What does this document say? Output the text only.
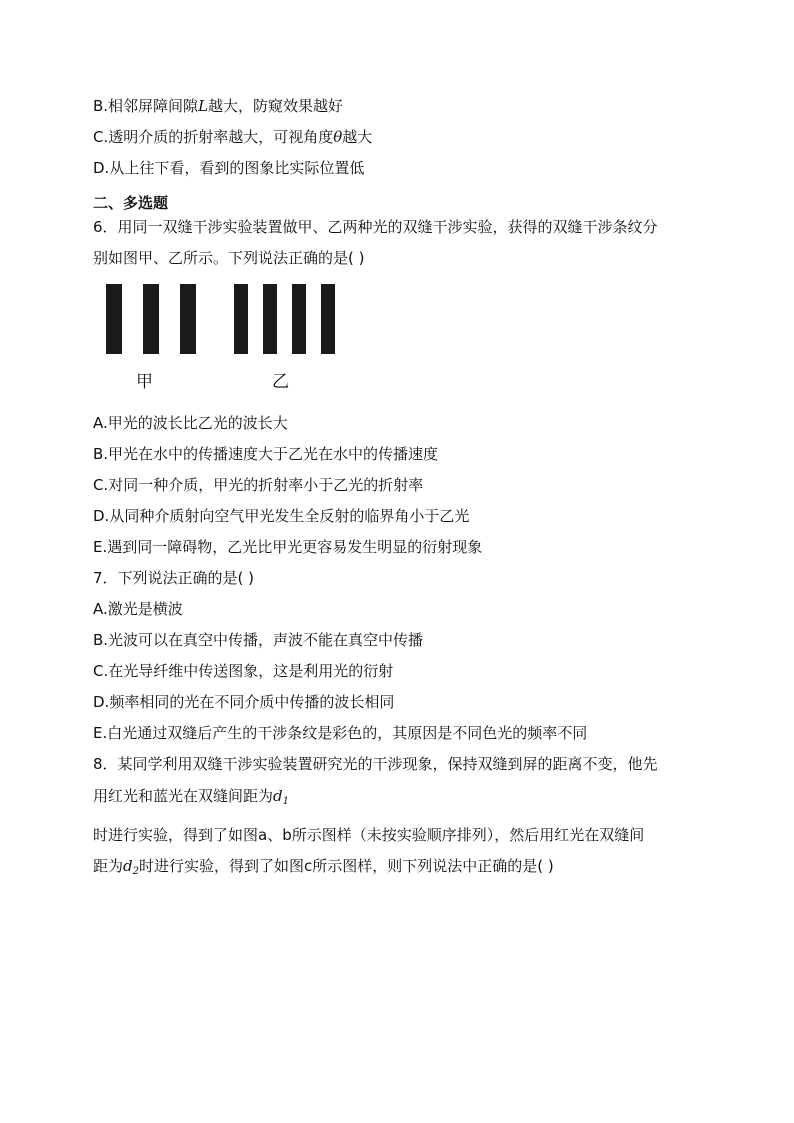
B.相邻屏障间隙L越大，防窥效果越好
C.透明介质的折射率越大，可视角度θ越大
D.从上往下看，看到的图象比实际位置低
二、多选题
6．用同一双缝干涉实验装置做甲、乙两种光的双缝干涉实验，获得的双缝干涉条纹分
别如图甲、乙所示。下列说法正确的是( )
甲	乙
A.甲光的波长比乙光的波长大
B.甲光在水中的传播速度大于乙光在水中的传播速度
C.对同一种介质，甲光的折射率小于乙光的折射率
D.从同种介质射向空气甲光发生全反射的临界角小于乙光
E.遇到同一障碍物，乙光比甲光更容易发生明显的衍射现象
7．下列说法正确的是( )
A.激光是横波
B.光波可以在真空中传播，声波不能在真空中传播
C.在光导纤维中传送图象，这是利用光的衍射
D.频率相同的光在不同介质中传播的波长相同
E.白光通过双缝后产生的干涉条纹是彩色的，其原因是不同色光的频率不同
8．某同学利用双缝干涉实验装置研究光的干涉现象，保持双缝到屏的距离不变，他先
用红光和蓝光在双缝间距为$d_1$
时进行实验，得到了如图a、b所示图样（未按实验顺序排列），然后用红光在双缝间
距为$d_2$时进行实验，得到了如图c所示图样，则下列说法中正确的是( )
